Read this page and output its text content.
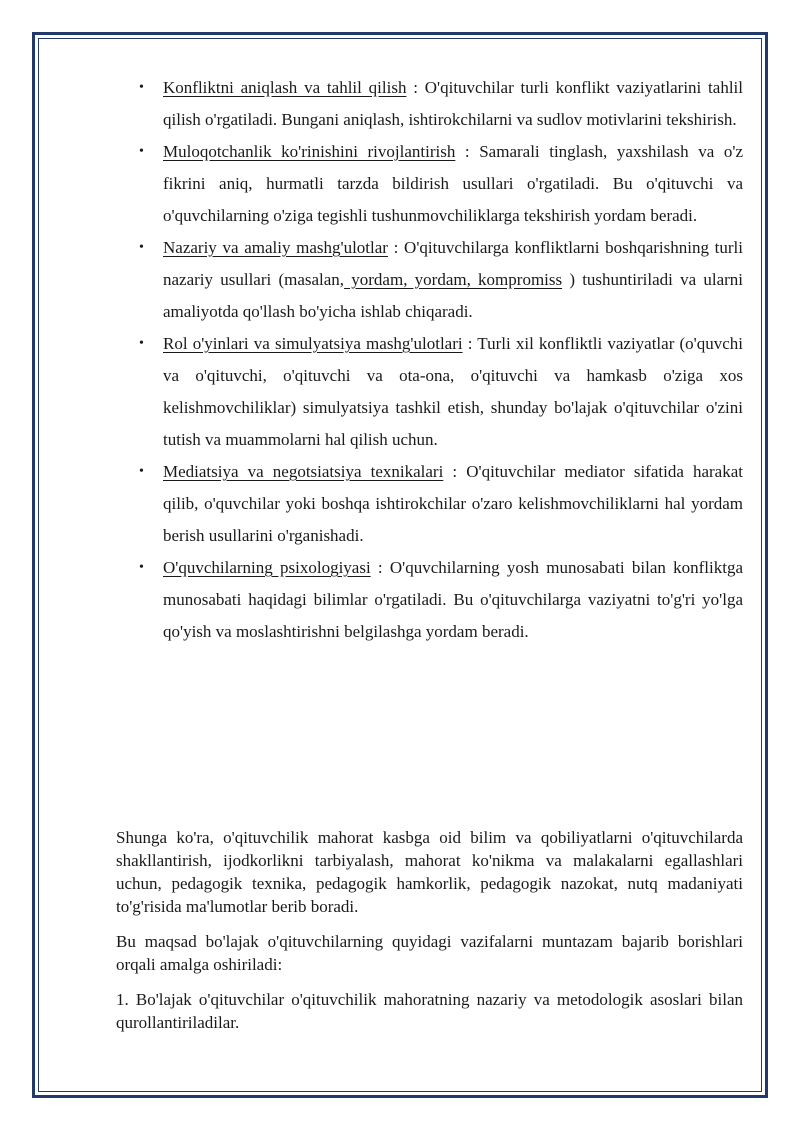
• Konfliktni aniqlash va tahlil qilish : O'qituvchilar turli konflikt vaziyatlarini tahlil qilish o'rgatiladi. Bungani aniqlash, ishtirokchilarni va sudlov motivlarini tekshirish.
• Muloqotchanlik ko'rinishini rivojlantirish : Samarali tinglash, yaxshilash va o'z fikrini aniq, hurmatli tarzda bildirish usullari o'rgatiladi. Bu o'qituvchi va o'quvchilarning o'ziga tegishli tushunmovchiliklarga tekshirish yordam beradi.
• Nazariy va amaliy mashg'ulotlar : O'qituvchilarga konfliktlarni boshqarishning turli nazariy usullari (masalan, yordam, yordam, kompromiss ) tushuntiriladi va ularni amaliyotda qo'llash bo'yicha ishlab chiqaradi.
• Rol o'yinlari va simulyatsiya mashg'ulotlari : Turli xil konfliktli vaziyatlar (o'quvchi va o'qituvchi, o'qituvchi va ota-ona, o'qituvchi va hamkasb o'ziga xos kelishmovchiliklar) simulyatsiya tashkil etish, shunday bo'lajak o'qituvchilar o'zini tutish va muammolarni hal qilish uchun.
• Mediatsiya va negotsiatsiya texnikalari : O'qituvchilar mediator sifatida harakat qilib, o'quvchilar yoki boshqa ishtirokchilar o'zaro kelishmovchiliklarni hal yordam berish usullarini o'rganishadi.
• O'quvchilarning psixologiyasi : O'quvchilarning yosh munosabati bilan konfliktga munosabati haqidagi bilimlar o'rgatiladi. Bu o'qituvchilarga vaziyatni to'g'ri yo'lga qo'yish va moslashtirishni belgilashga yordam beradi.

Shunga ko'ra, o'qituvchilik mahorat kasbga oid bilim va qobiliyatlarni o'qituvchilarda shakllantirish, ijodkorlikni tarbiyalash, mahorat ko'nikma va malakalarni egallashlari uchun, pedagogik texnika, pedagogik hamkorlik, pedagogik nazokat, nutq madaniyati to'g'risida ma'lumotlar berib boradi.

Bu maqsad bo'lajak o'qituvchilarning quyidagi vazifalarni muntazam bajarib borishlari orqali amalga oshiriladi:

1. Bo'lajak o'qituvchilar o'qituvchilik mahoratning nazariy va metodologik asoslari bilan qurollantiriladilar.
